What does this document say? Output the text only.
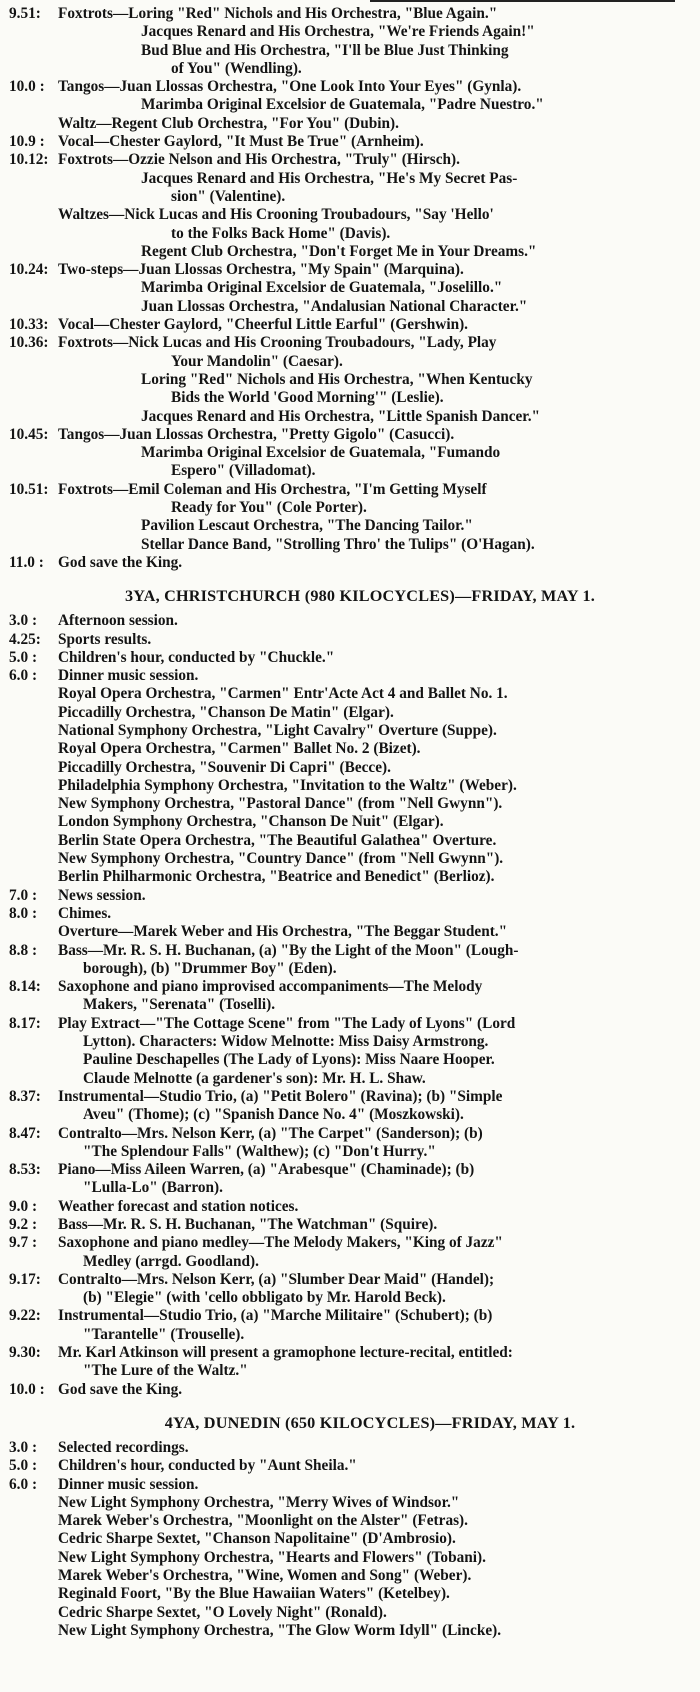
9.51:	Foxtrots—Loring "Red" Nichols and His Orchestra, "Blue Again."
Jacques Renard and His Orchestra, "We're Friends Again!"
Bud Blue and His Orchestra, "I'll be Blue Just Thinking
of You" (Wendling).
10.0 : Tangos—Juan Llossas Orchestra, "One Look Into Your Eyes" (Gynla).
Marimba Original Excelsior de Guatemala, "Padre Nuestro."
Waltz—Regent Club Orchestra, "For You" (Dubin).
10.9 : Vocal—Chester Gaylord, "It Must Be True" (Arnheim).
10.12: Foxtrots—Ozzie Nelson and His Orchestra, "Truly" (Hirsch).
Jacques Renard and His Orchestra, "He's My Secret Pas-
sion" (Valentine).
Waltzes—Nick Lucas and His Crooning Troubadours, "Say 'Hello'
to the Folks Back Home" (Davis).
Regent Club Orchestra, "Don't Forget Me in Your Dreams."
10.24: Two-steps—Juan Llossas Orchestra, "My Spain" (Marquina).
Marimba Original Excelsior de Guatemala, "Joselillo."
Juan Llossas Orchestra, "Andalusian National Character."
10.33: Vocal—Chester Gaylord, "Cheerful Little Earful" (Gershwin).
10.36: Foxtrots—Nick Lucas and His Crooning Troubadours, "Lady, Play
Your Mandolin" (Caesar).
Loring "Red" Nichols and His Orchestra, "When Kentucky
Bids the World 'Good Morning'" (Leslie).
Jacques Renard and His Orchestra, "Little Spanish Dancer."
10.45: Tangos—Juan Llossas Orchestra, "Pretty Gigolo" (Casucci).
Marimba Original Excelsior de Guatemala, "Fumando
Espero" (Villadomat).
10.51: Foxtrots—Emil Coleman and His Orchestra, "I'm Getting Myself
Ready for You" (Cole Porter).
Pavilion Lescaut Orchestra, "The Dancing Tailor."
Stellar Dance Band, "Strolling Thro' the Tulips" (O'Hagan).
11.0 : God save the King.
3YA, CHRISTCHURCH (980 KILOCYCLES)—FRIDAY, MAY 1.
3.0 :	Afternoon session.
4.25:	Sports results.
5.0 :	Children's hour, conducted by "Chuckle."
6.0 :	Dinner music session.
Royal Opera Orchestra, "Carmen" Entr'Acte Act 4 and Ballet No. 1.
Piccadilly Orchestra, "Chanson De Matin" (Elgar).
National Symphony Orchestra, "Light Cavalry" Overture (Suppe).
Royal Opera Orchestra, "Carmen" Ballet No. 2 (Bizet).
Piccadilly Orchestra, "Souvenir Di Capri" (Becce).
Philadelphia Symphony Orchestra, "Invitation to the Waltz" (Weber).
New Symphony Orchestra, "Pastoral Dance" (from "Nell Gwynn").
London Symphony Orchestra, "Chanson De Nuit" (Elgar).
Berlin State Opera Orchestra, "The Beautiful Galathea" Overture.
New Symphony Orchestra, "Country Dance" (from "Nell Gwynn").
Berlin Philharmonic Orchestra, "Beatrice and Benedict" (Berlioz).
7.0 :	News session.
8.0 :	Chimes.
Overture—Marek Weber and His Orchestra, "The Beggar Student."
8.8 :	Bass—Mr. R. S. H. Buchanan, (a) "By the Light of the Moon" (Lough-
borough), (b) "Drummer Boy" (Eden).
8.14:	Saxophone and piano improvised accompaniments—The Melody
Makers, "Serenata" (Toselli).
8.17:	Play Extract—"The Cottage Scene" from "The Lady of Lyons" (Lord
Lytton). Characters: Widow Melnotte: Miss Daisy Armstrong.
Pauline Deschapelles (The Lady of Lyons): Miss Naare Hooper.
Claude Melnotte (a gardener's son): Mr. H. L. Shaw.
8.37:	Instrumental—Studio Trio, (a) "Petit Bolero" (Ravina); (b) "Simple
Aveu" (Thome); (c) "Spanish Dance No. 4" (Moszkowski).
8.47:	Contralto—Mrs. Nelson Kerr, (a) "The Carpet" (Sanderson); (b)
"The Splendour Falls" (Walthew); (c) "Don't Hurry."
8.53:	Piano—Miss Aileen Warren, (a) "Arabesque" (Chaminade); (b)
"Lulla-Lo" (Barron).
9.0 :	Weather forecast and station notices.
9.2 :	Bass—Mr. R. S. H. Buchanan, "The Watchman" (Squire).
9.7 :	Saxophone and piano medley—The Melody Makers, "King of Jazz"
Medley (arrgd. Goodland).
9.17:	Contralto—Mrs. Nelson Kerr, (a) "Slumber Dear Maid" (Handel);
(b) "Elegie" (with 'cello obbligato by Mr. Harold Beck).
9.22:	Instrumental—Studio Trio, (a) "Marche Militaire" (Schubert); (b)
"Tarantelle" (Trouselle).
9.30:	Mr. Karl Atkinson will present a gramophone lecture-recital, entitled:
"The Lure of the Waltz."
10.0 : God save the King.
4YA, DUNEDIN (650 KILOCYCLES)—FRIDAY, MAY 1.
3.0 :	Selected recordings.
5.0 :	Children's hour, conducted by "Aunt Sheila."
6.0 :	Dinner music session.
New Light Symphony Orchestra, "Merry Wives of Windsor."
Marek Weber's Orchestra, "Moonlight on the Alster" (Fetras).
Cedric Sharpe Sextet, "Chanson Napolitaine" (D'Ambrosio).
New Light Symphony Orchestra, "Hearts and Flowers" (Tobani).
Marek Weber's Orchestra, "Wine, Women and Song" (Weber).
Reginald Foort, "By the Blue Hawaiian Waters" (Ketelbey).
Cedric Sharpe Sextet, "O Lovely Night" (Ronald).
New Light Symphony Orchestra, "The Glow Worm Idyll" (Lincke).
